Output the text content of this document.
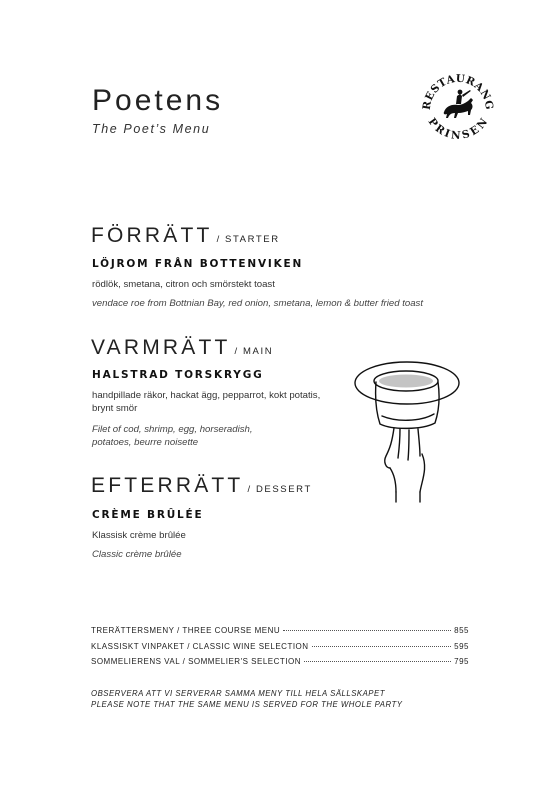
Poetens
The Poet’s Menu
RESTAURANG
PRINSEN
FÖRRÄTT / STARTER
LÖJROM FRÅN BOTTENVIKEN
rödlök, smetana, citron och smörstekt toast
vendace roe from Bottnian Bay, red onion, smetana, lemon & butter fried toast
VARMRÄTT / MAIN
HALSTRAD TORSKRYGG
handpillade räkor, hackat ägg, pepparrot, kokt potatis, brynt smör
Filet of cod, shrimp, egg, horseradish, potatoes, beurre noisette
EFTERRÄTT / DESSERT
CRÈME BRÛLÉE
Klassisk crème brûlée
Classic crème brûlée
TRERÄTTERSMENY / THREE COURSE MENU	855
KLASSISKT VINPAKET / CLASSIC WINE SELECTION	595
SOMMELIERENS VAL / SOMMELIER'S SELECTION	795
OBSERVERA ATT VI SERVERAR SAMMA MENY TILL HELA SÄLLSKAPET
PLEASE NOTE THAT THE SAME MENU IS SERVED FOR THE WHOLE PARTY
